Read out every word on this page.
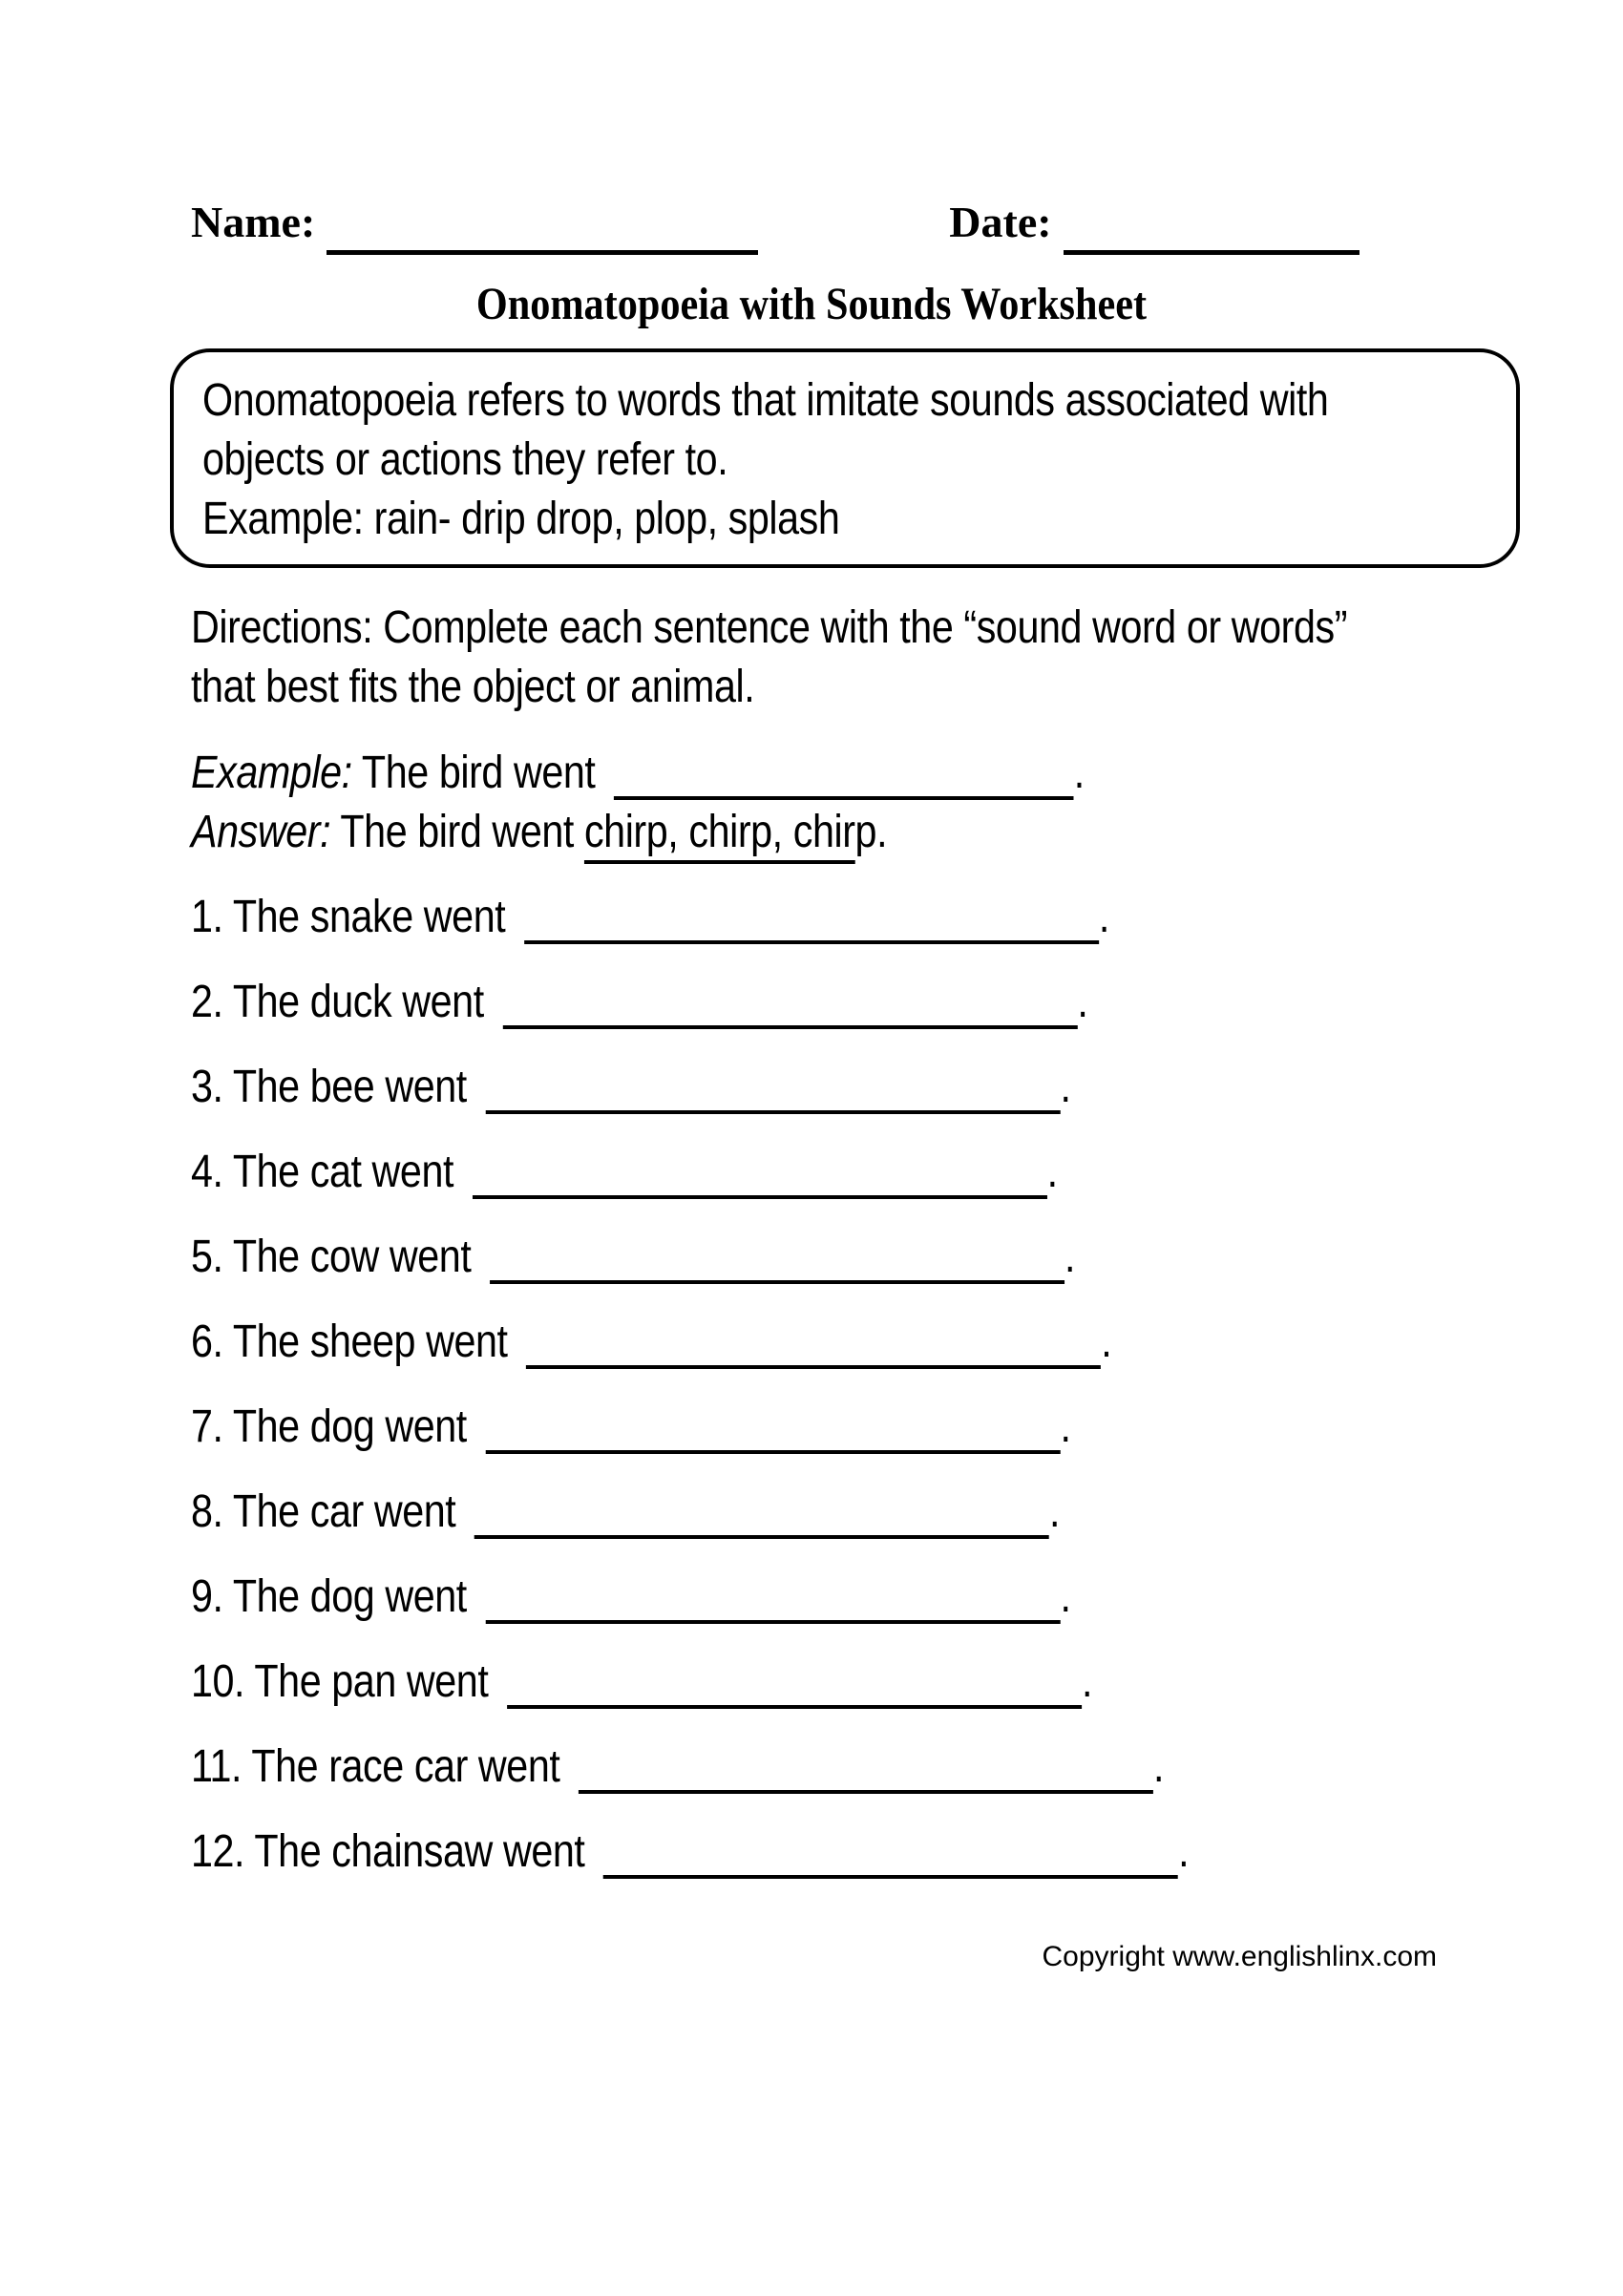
Name:	Date:
Onomatopoeia with Sounds Worksheet
Onomatopoeia refers to words that imitate sounds associated with
objects or actions they refer to.
Example: rain- drip drop, plop, splash
Directions: Complete each sentence with the “sound word or words”
that best fits the object or animal.
Example: The bird went	.
Answer: The bird went chirp, chirp, chirp.
1. The snake went	.
2. The duck went	.
3. The bee went	.
4. The cat went	.
5. The cow went	.
6. The sheep went	.
7. The dog went	.
8. The car went	.
9. The dog went	.
10. The pan went	.
11. The race car went	.
12. The chainsaw went	.
Copyright www.englishlinx.com
